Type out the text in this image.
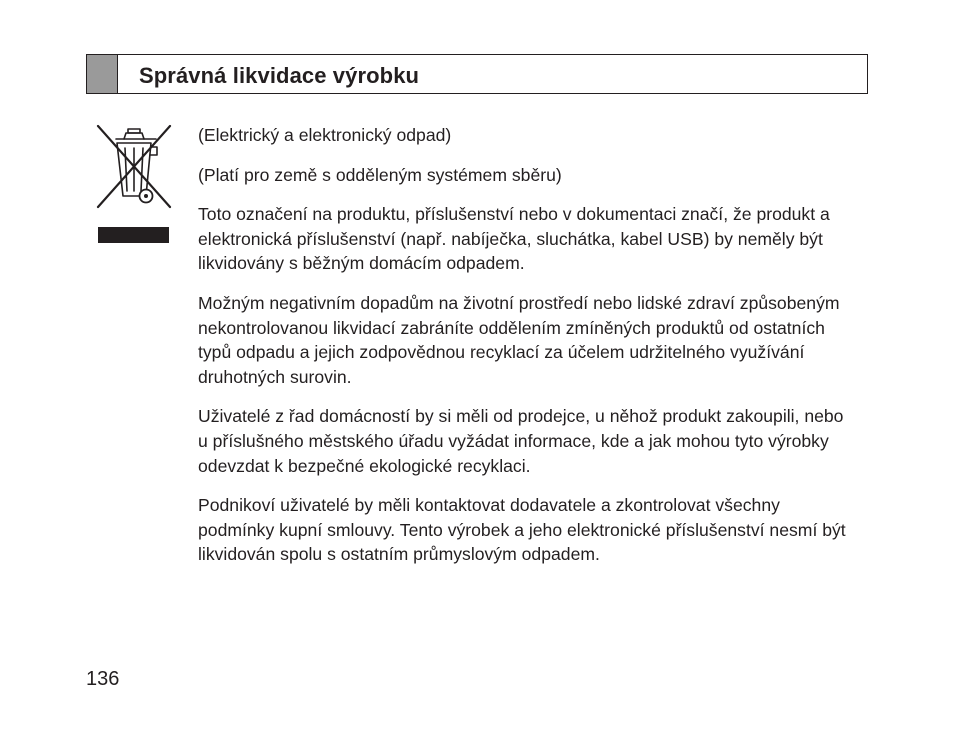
Správná likvidace výrobku

(Elektrický a elektronický odpad)

(Platí pro země s odděleným systémem sběru)

Toto označení na produktu, příslušenství nebo v dokumentaci značí, že produkt a elektronická příslušenství (např. nabíječka, sluchátka, kabel USB) by neměly být likvidovány s běžným domácím odpadem.

Možným negativním dopadům na životní prostředí nebo lidské zdraví způsobeným nekontrolovanou likvidací zabráníte oddělením zmíněných produktů od ostatních typů odpadu a jejich zodpovědnou recyklací za účelem udržitelného využívání druhotných surovin.

Uživatelé z řad domácností by si měli od prodejce, u něhož produkt zakoupili, nebo u příslušného městského úřadu vyžádat informace, kde a jak mohou tyto výrobky odevzdat k bezpečné ekologické recyklaci.

Podnikoví uživatelé by měli kontaktovat dodavatele a zkontrolovat všechny podmínky kupní smlouvy. Tento výrobek a jeho elektronické příslušenství nesmí být likvidován spolu s ostatním průmyslovým odpadem.

136
